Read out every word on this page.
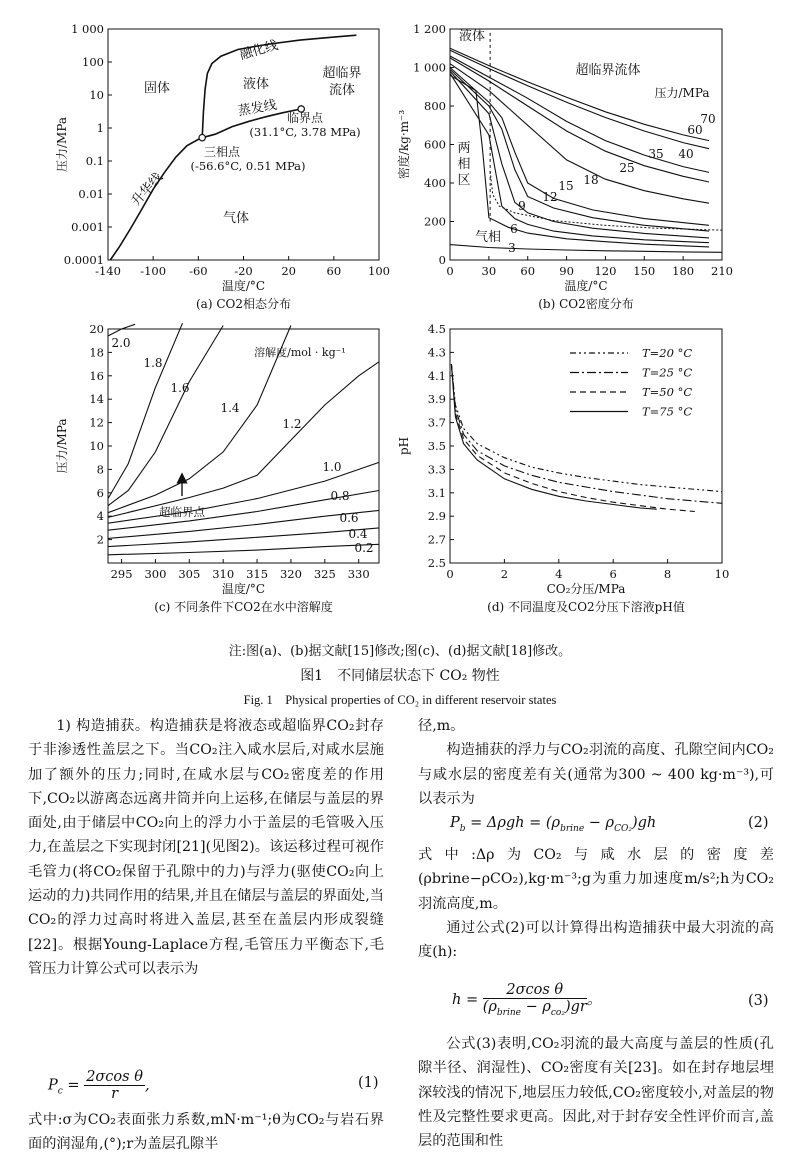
-140 -100 -60 -20 20	60 100
0.0001
0.001
0.01
0.1
1
10
100
1 000
温度/°C
压力/MPa
(a) CO2相态分布
固体	液体
超临界
流体
气体
融化线
蒸发线
升华线
临界点
(31.1°C, 3.78 MPa)
三相点
(-56.6°C, 0.51 MPa)
0 30 60 90 120 150 180 210
0
200
400
600
800
1 000
1 200
温度/°C
密度/kg·m⁻³
(b) CO2密度分布
液体
超临界流体
两
相
区
气相
压力/MPa
70
60
40
35
25
18
15
12
9
6
3
295 300 305 310 315 320 325 330
2
4
6
8
10
12
14
16
18
20
温度/°C
压力/MPa
(c) 不同条件下CO2在水中溶解度
溶解度/mol · kg⁻¹
2.0
1.8
1.6
1.4
1.2
1.0
0.8
0.6
0.4
0.2
超临界点
0	2	4	6	8	10
2.5
2.7
2.9
3.1
3.3
3.5
3.7
3.9
4.1
4.3
4.5
CO₂分压/MPa
pH
(d) 不同温度及CO2分压下溶液pH值
T=20 °C
T=25 °C
T=50 °C
T=75 °C
注:图(a)、(b)据文献[15]修改;图(c)、(d)据文献[18]修改。
图1　不同储层状态下 CO₂ 物性
Fig. 1　Physical properties of CO₂ in different reservoir states

1) 构造捕获。构造捕获是将液态或超临界CO₂封存于非渗透性盖层之下。当CO₂注入咸水层后,对咸水层施加了额外的压力;同时,在咸水层与CO₂密度差的作用下,CO₂以游离态远离井筒并向上运移,在储层与盖层的界面处,由于储层中CO₂向上的浮力小于盖层的毛管吸入压力,在盖层之下实现封闭[21](见图2)。该运移过程可视作毛管力(将CO₂保留于孔隙中的力)与浮力(驱使CO₂向上运动的力)共同作用的结果,并且在储层与盖层的界面处,当CO₂的浮力过高时将进入盖层,甚至在盖层内形成裂缝[22]。根据Young-Laplace方程,毛管压力平衡态下,毛管压力计算公式可以表示为

$P_c = \frac{\text{2σcos θ}}{r}$ ,	(1)

式中:σ为CO₂表面张力系数,mN·m⁻¹;θ为CO₂与岩石界面的润湿角,(°);r为盖层孔隙半

径,m。

构造捕获的浮力与CO₂羽流的高度、孔隙空间内CO₂与咸水层的密度差有关(通常为300 ~ 400 kg·m⁻³),可以表示为

$P_b = \Delta\rho gh = (\rho_{brine} - \rho_{CO_2})gh$	(2)

式中:Δρ为CO₂与咸水层的密度差(ρbrine−ρCO₂),kg·m⁻³;g为重力加速度m/s²;h为CO₂羽流高度,m。

通过公式(2)可以计算得出构造捕获中最大羽流的高度(h):

h =
2σcos θ
$(\rho_{brine} - \rho_{co_2})gr$ 。	(3)

公式(3)表明,CO₂羽流的最大高度与盖层的性质(孔隙半径、润湿性)、CO₂密度有关[23]。如在封存地层埋深较浅的情况下,地层压力较低,CO₂密度较小,对盖层的物性及完整性要求更高。因此,对于封存安全性评价而言,盖层的范围和性
